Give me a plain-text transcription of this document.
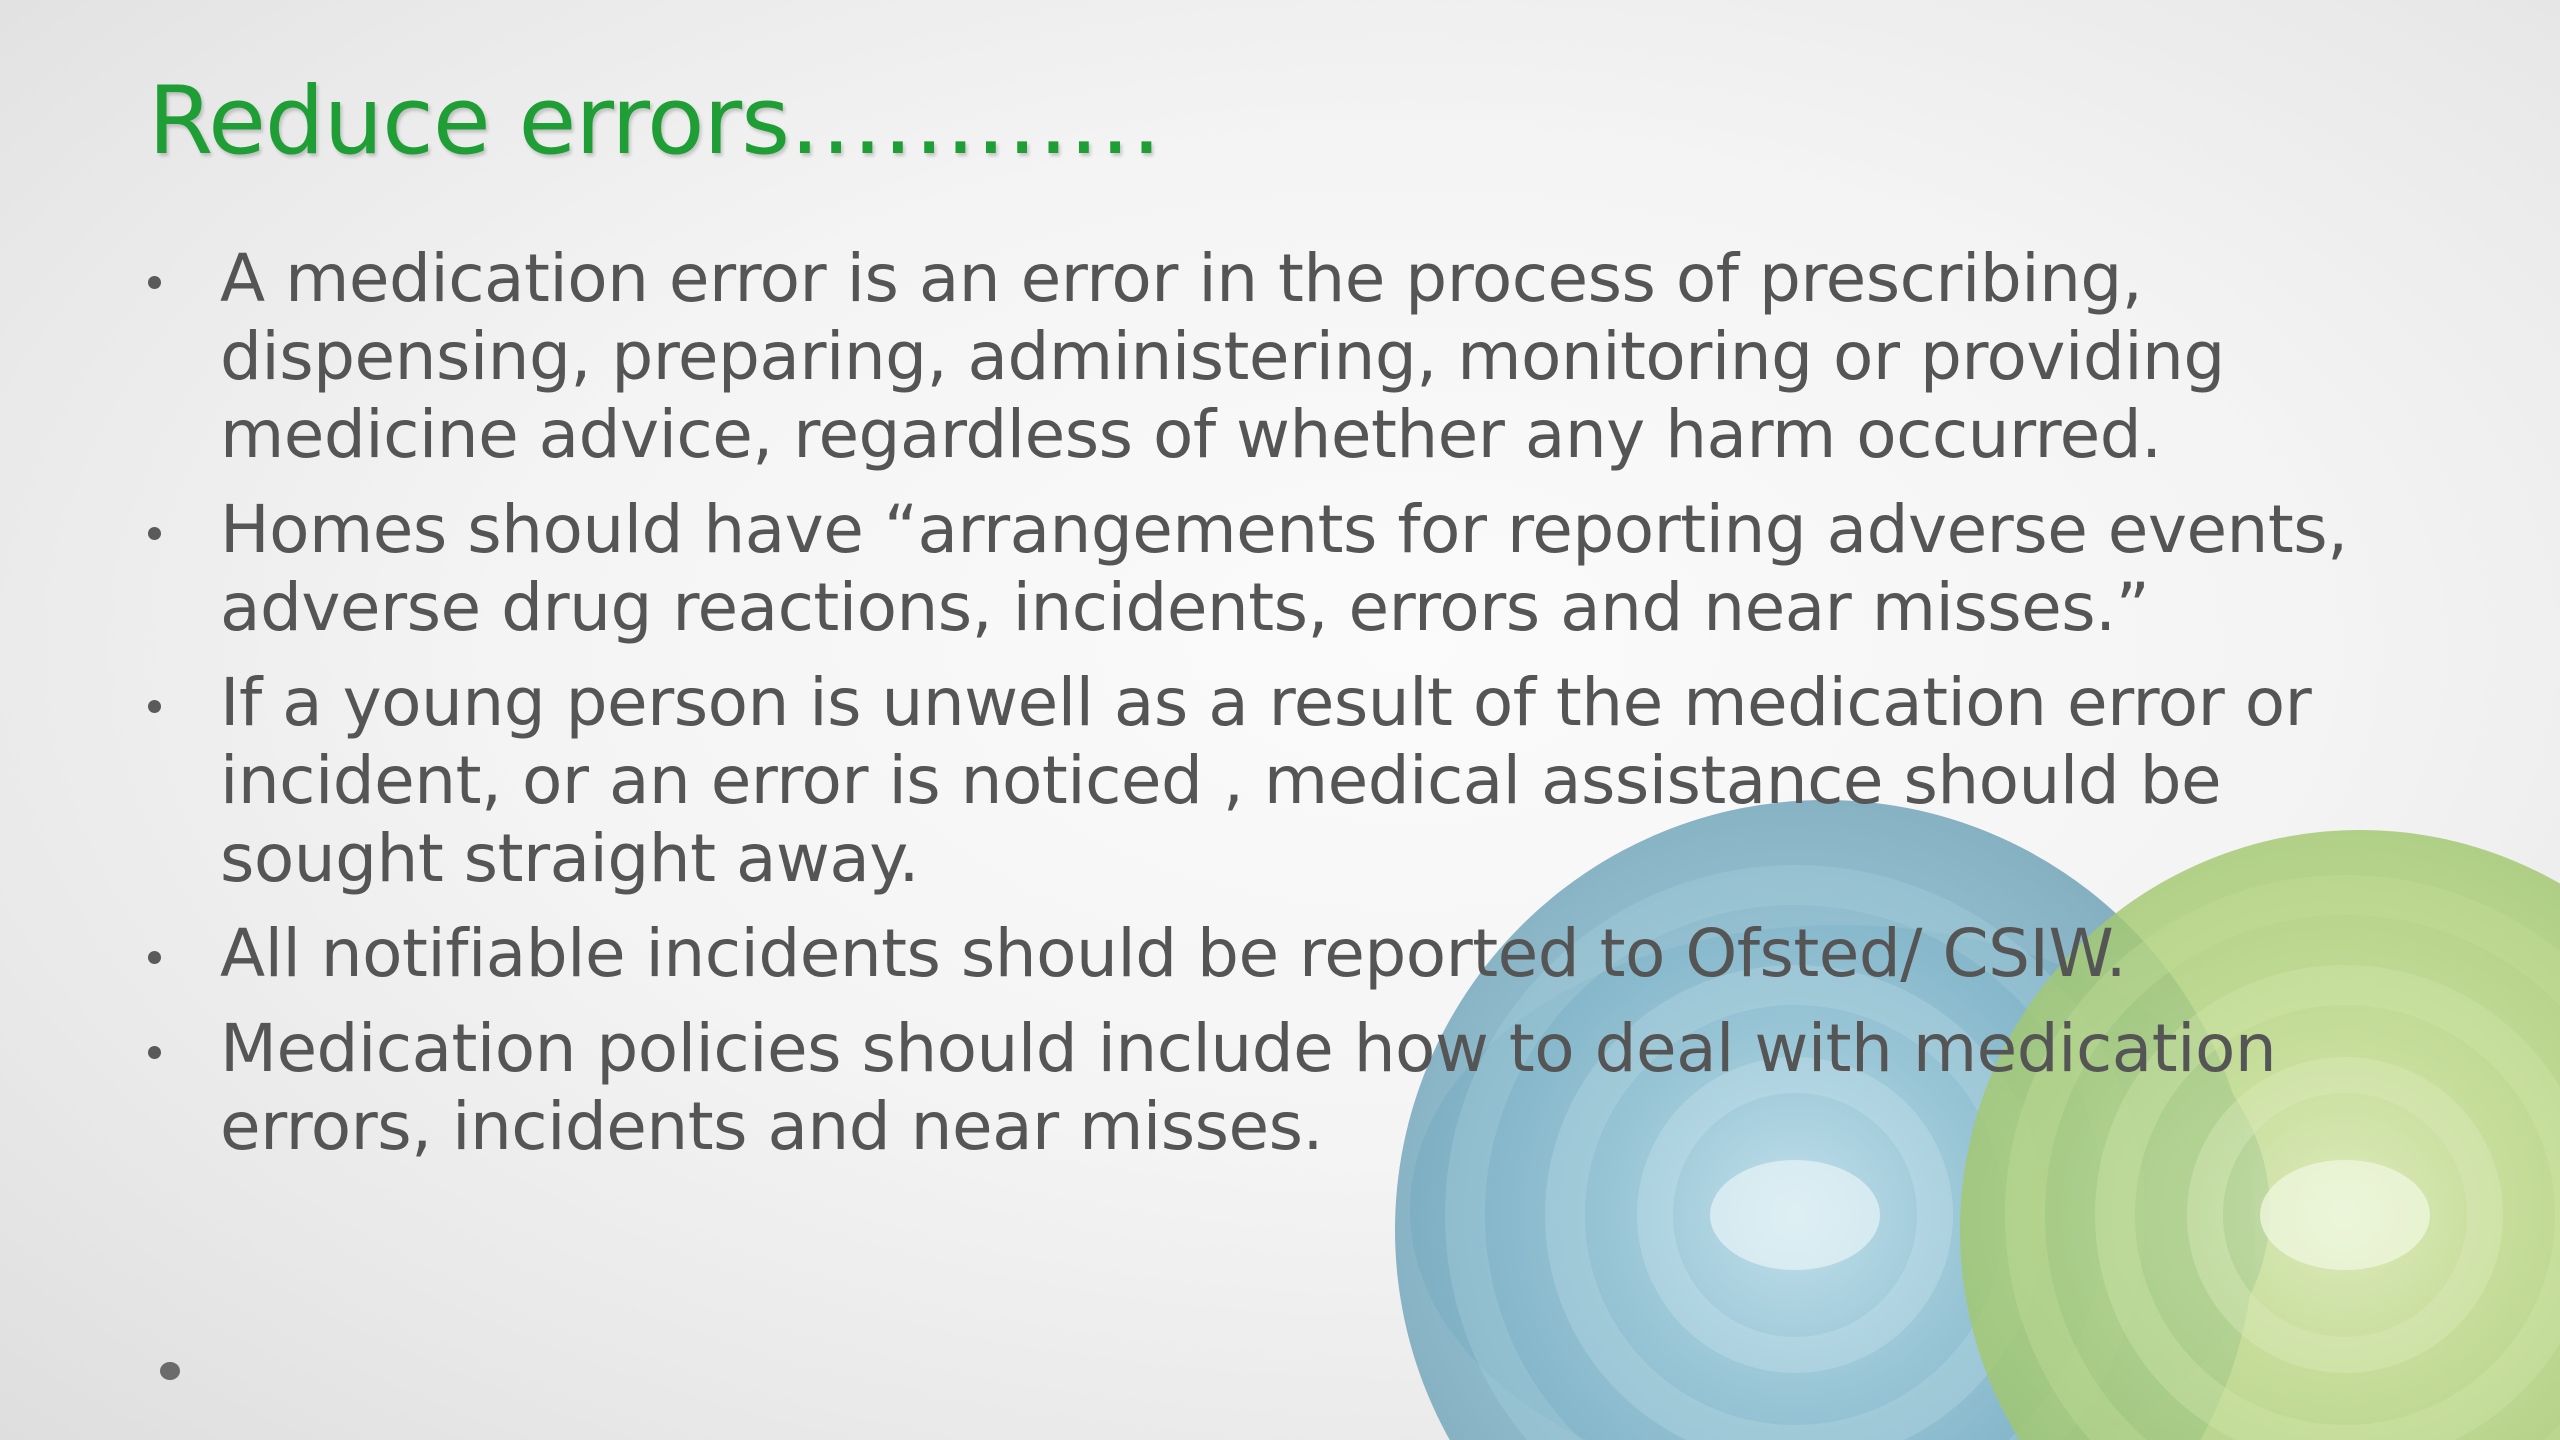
Reduce errors…………
A medication error is an error in the process of prescribing, dispensing, preparing, administering, monitoring or providing medicine advice, regardless of whether any harm occurred.
Homes should have “arrangements for reporting adverse events, adverse drug reactions, incidents, errors and near misses.”
If a young person is unwell as a result of the medication error or incident, or an error is noticed , medical assistance should be sought straight away.
All notifiable incidents should be reported to Ofsted/ CSIW.
Medication policies should include how to deal with medication errors, incidents and near misses.
